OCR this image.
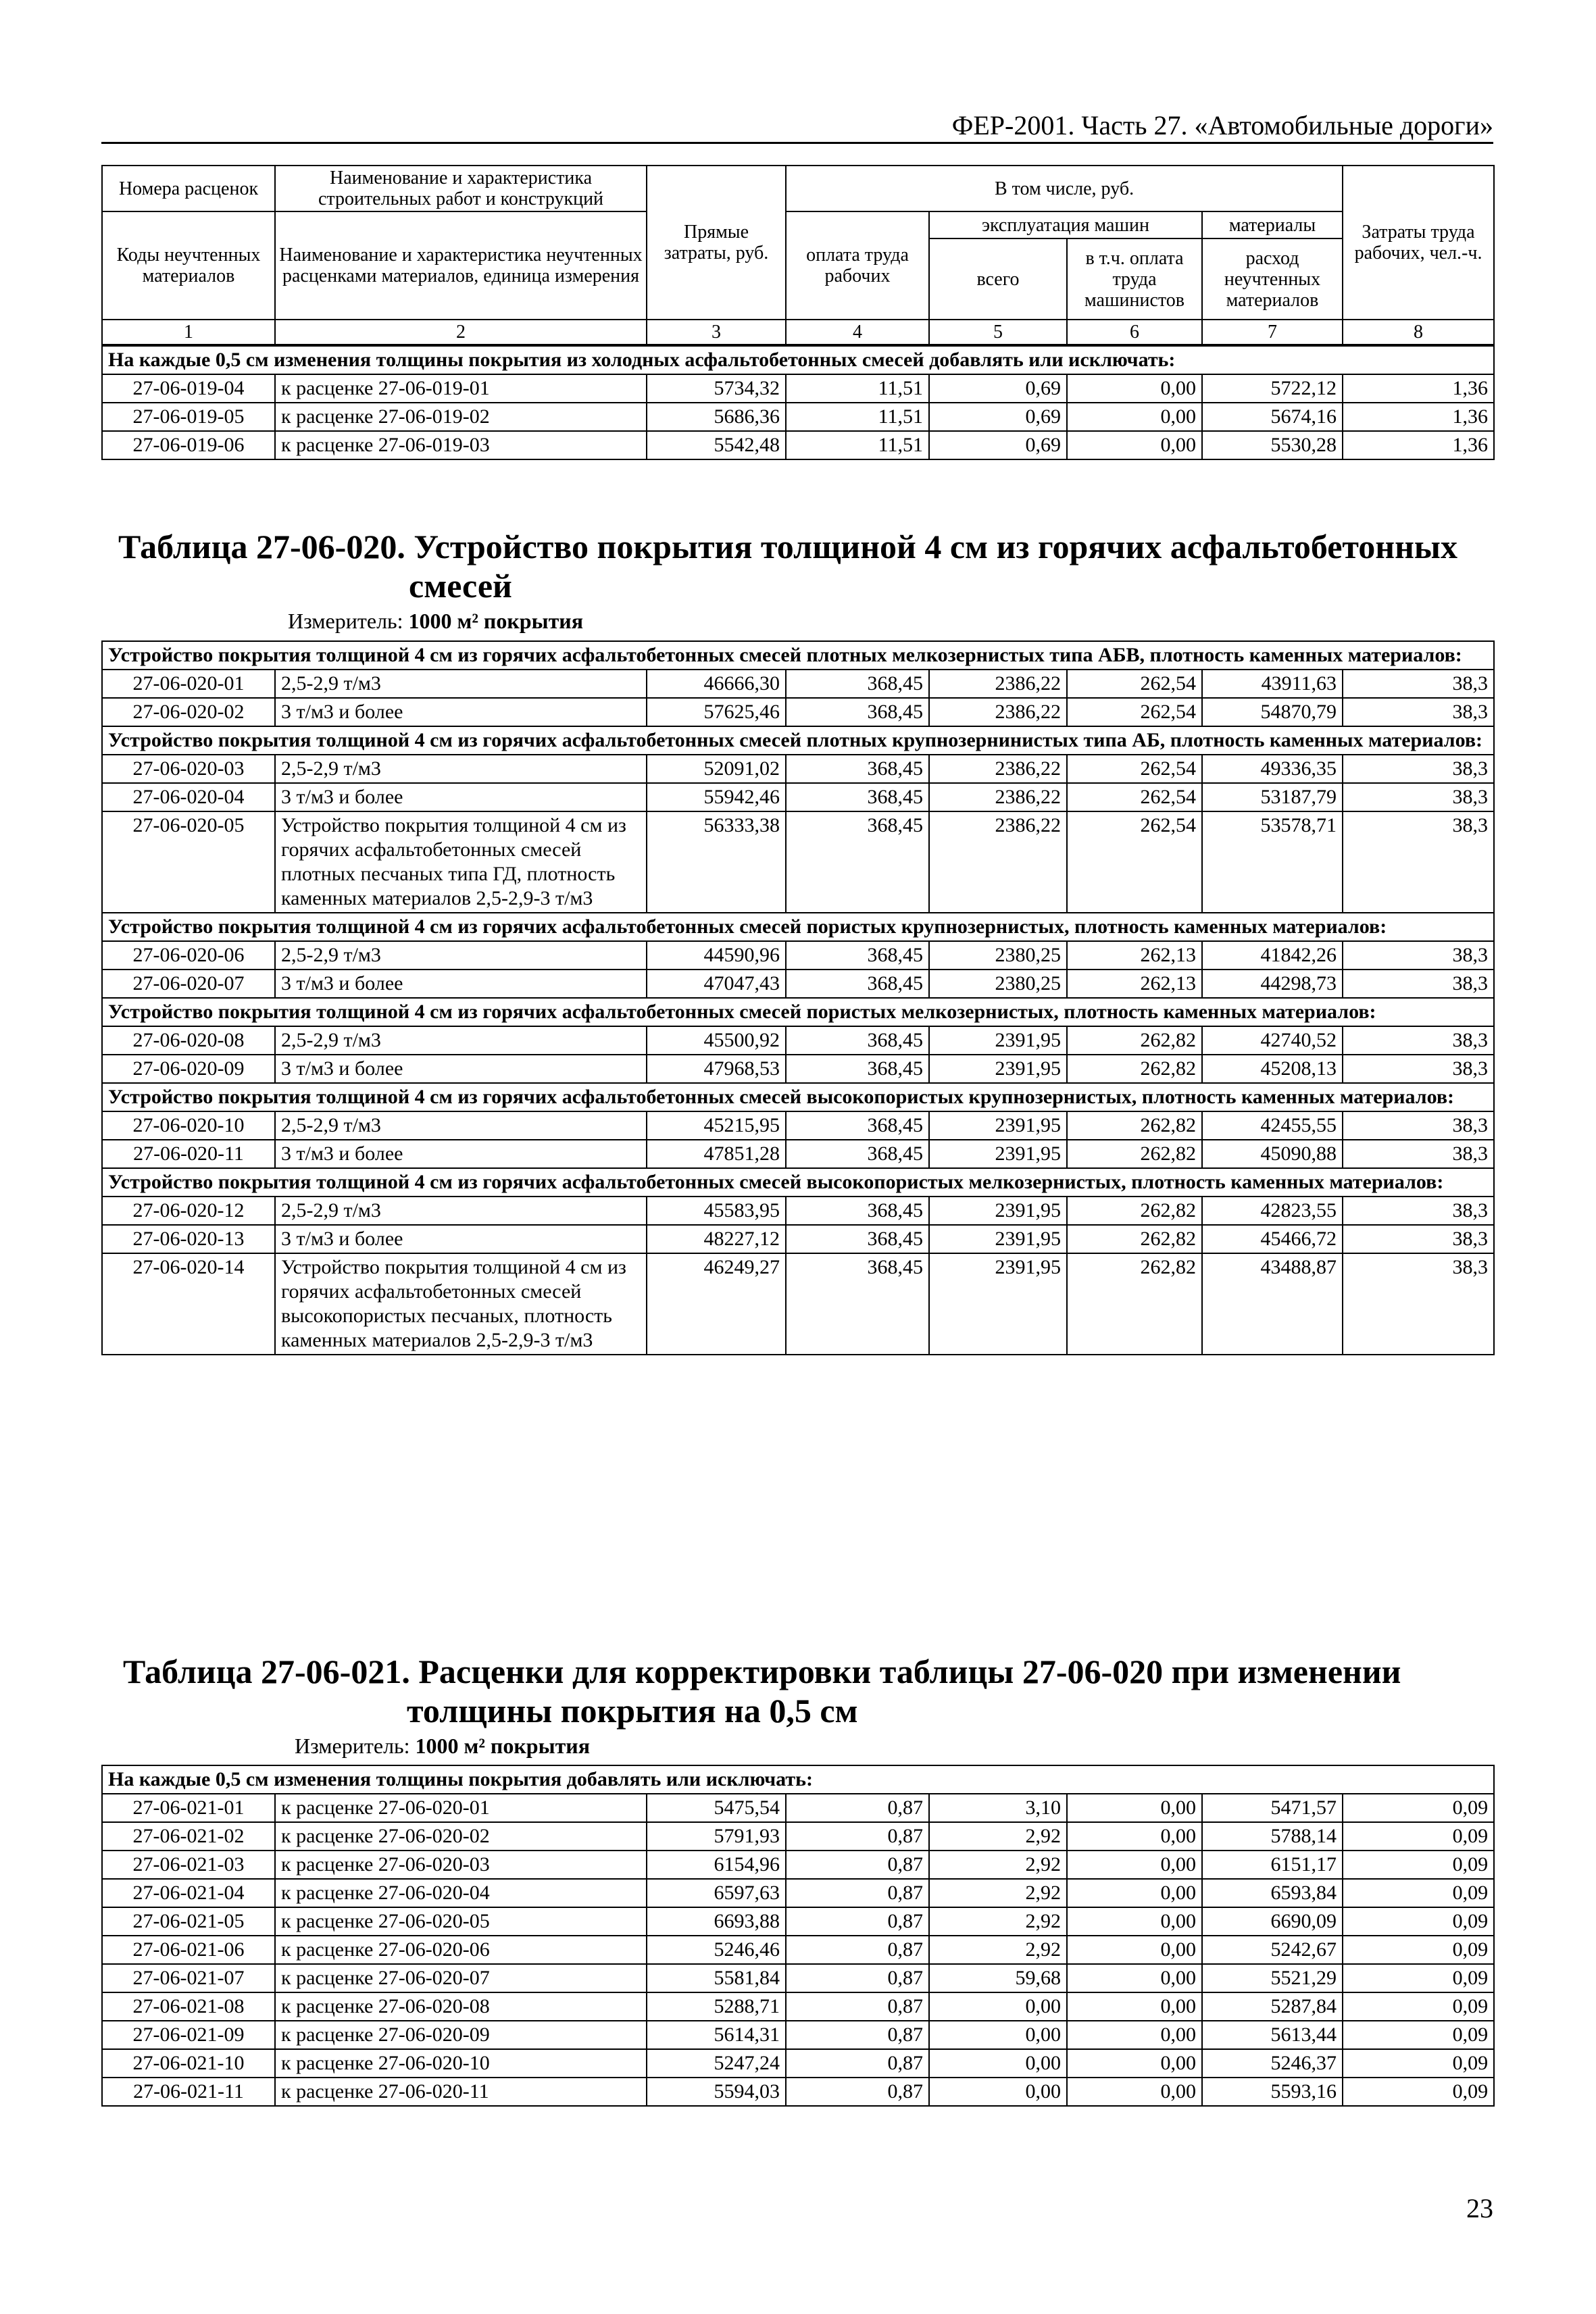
ФЕР-2001. Часть 27. «Автомобильные дороги»
Номера расценок	Наименование и характеристика строительных работ и конструкций	Прямые затраты, руб.	В том числе, руб.				Затраты труда рабочих, чел.-ч.
Коды неучтенных материалов	Наименование и характеристика неучтенных расценками материалов, единица измерения		оплата труда рабочих	эксплуатация машин		материалы	
				всего	в т.ч. оплата труда машинистов	расход неучтенных материалов	

1	2	3	4	5	6	7	8
На каждые 0,5 см изменения толщины покрытия из холодных асфальтобетонных смесей добавлять или исключать:							
27-06-019-04	к расценке 27-06-019-01	5734,32	11,51	0,69	0,00	5722,12	1,36
27-06-019-05	к расценке 27-06-019-02	5686,36	11,51	0,69	0,00	5674,16	1,36
27-06-019-06	к расценке 27-06-019-03	5542,48	11,51	0,69	0,00	5530,28	1,36
Таблица 27-06-020. Устройство покрытия толщиной 4 см из горячих асфальтобетонных
смесей
Измеритель: 1000 м² покрытия
Устройство покрытия толщиной 4 см из горячих асфальтобетонных смесей плотных мелкозернистых типа АБВ, плотность каменных материалов:							
27-06-020-01	2,5-2,9 т/м3	46666,30	368,45	2386,22	262,54	43911,63	38,3
27-06-020-02	3 т/м3 и более	57625,46	368,45	2386,22	262,54	54870,79	38,3
Устройство покрытия толщиной 4 см из горячих асфальтобетонных смесей плотных крупнозернинистых типа АБ, плотность каменных материалов:							
27-06-020-03	2,5-2,9 т/м3	52091,02	368,45	2386,22	262,54	49336,35	38,3
27-06-020-04	3 т/м3 и более	55942,46	368,45	2386,22	262,54	53187,79	38,3
27-06-020-05	Устройство покрытия толщиной 4 см из горячих асфальтобетонных смесей плотных песчаных типа ГД, плотность каменных материалов 2,5-2,9-3 т/м3	56333,38	368,45	2386,22	262,54	53578,71	38,3
Устройство покрытия толщиной 4 см из горячих асфальтобетонных смесей пористых крупнозернистых, плотность каменных материалов:							
27-06-020-06	2,5-2,9 т/м3	44590,96	368,45	2380,25	262,13	41842,26	38,3
27-06-020-07	3 т/м3 и более	47047,43	368,45	2380,25	262,13	44298,73	38,3
Устройство покрытия толщиной 4 см из горячих асфальтобетонных смесей пористых мелкозернистых, плотность каменных материалов:							
27-06-020-08	2,5-2,9 т/м3	45500,92	368,45	2391,95	262,82	42740,52	38,3
27-06-020-09	3 т/м3 и более	47968,53	368,45	2391,95	262,82	45208,13	38,3
Устройство покрытия толщиной 4 см из горячих асфальтобетонных смесей высокопористых крупнозернистых, плотность каменных материалов:							
27-06-020-10	2,5-2,9 т/м3	45215,95	368,45	2391,95	262,82	42455,55	38,3
27-06-020-11	3 т/м3 и более	47851,28	368,45	2391,95	262,82	45090,88	38,3
Устройство покрытия толщиной 4 см из горячих асфальтобетонных смесей высокопористых мелкозернистых, плотность каменных материалов:							
27-06-020-12	2,5-2,9 т/м3	45583,95	368,45	2391,95	262,82	42823,55	38,3
27-06-020-13	3 т/м3 и более	48227,12	368,45	2391,95	262,82	45466,72	38,3
27-06-020-14	Устройство покрытия толщиной 4 см из горячих асфальтобетонных смесей высокопористых песчаных, плотность каменных материалов 2,5-2,9-3 т/м3	46249,27	368,45	2391,95	262,82	43488,87	38,3
Таблица 27-06-021. Расценки для корректировки таблицы 27-06-020 при изменении
толщины покрытия на 0,5 см
Измеритель: 1000 м² покрытия
На каждые 0,5 см изменения толщины покрытия добавлять или исключать:							
27-06-021-01	к расценке 27-06-020-01	5475,54	0,87	3,10	0,00	5471,57	0,09
27-06-021-02	к расценке 27-06-020-02	5791,93	0,87	2,92	0,00	5788,14	0,09
27-06-021-03	к расценке 27-06-020-03	6154,96	0,87	2,92	0,00	6151,17	0,09
27-06-021-04	к расценке 27-06-020-04	6597,63	0,87	2,92	0,00	6593,84	0,09
27-06-021-05	к расценке 27-06-020-05	6693,88	0,87	2,92	0,00	6690,09	0,09
27-06-021-06	к расценке 27-06-020-06	5246,46	0,87	2,92	0,00	5242,67	0,09
27-06-021-07	к расценке 27-06-020-07	5581,84	0,87	59,68	0,00	5521,29	0,09
27-06-021-08	к расценке 27-06-020-08	5288,71	0,87	0,00	0,00	5287,84	0,09
27-06-021-09	к расценке 27-06-020-09	5614,31	0,87	0,00	0,00	5613,44	0,09
27-06-021-10	к расценке 27-06-020-10	5247,24	0,87	0,00	0,00	5246,37	0,09
27-06-021-11	к расценке 27-06-020-11	5594,03	0,87	0,00	0,00	5593,16	0,09
23
